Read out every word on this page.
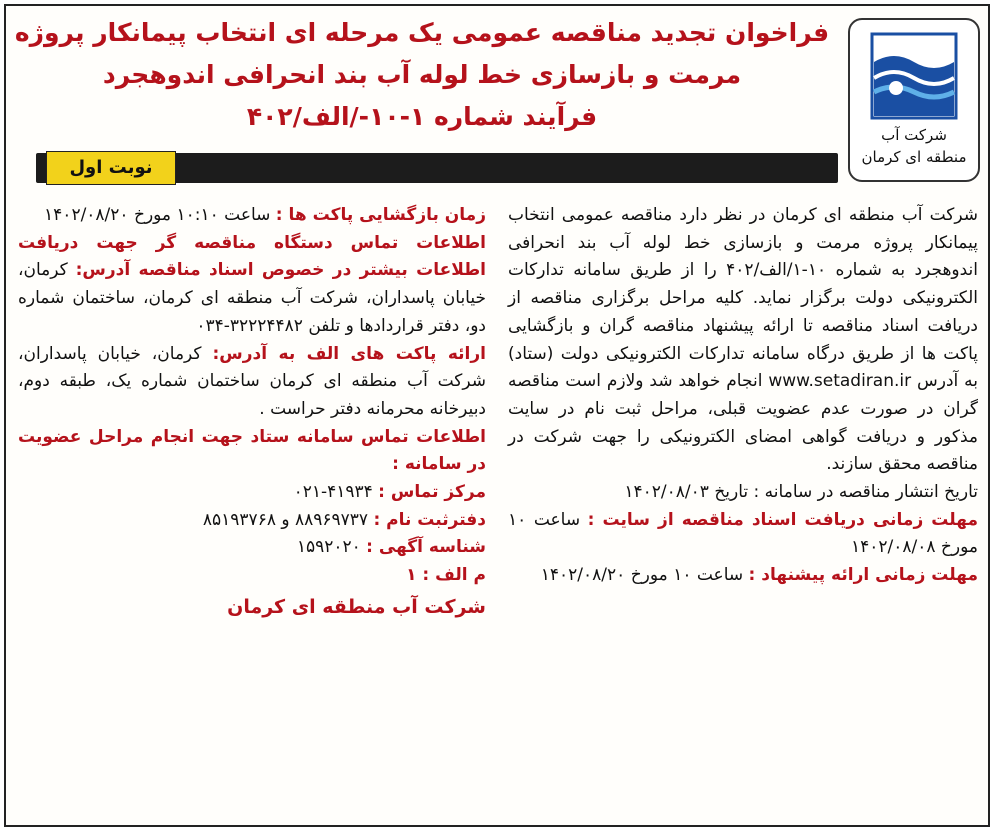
شرکت آب
منطقه ای کرمان
فراخوان تجدید مناقصه عمومی یک مرحله ای انتخاب پیمانکار پروژه
مرمت و بازسازی خط لوله آب بند انحرافی اندوهجرد
فرآیند شماره ۱-۱۰-/الف/۴۰۲
نوبت اول

شرکت آب منطقه ای کرمان در نظر دارد مناقصه عمومی انتخاب پیمانکار پروژه مرمت و بازسازی خط لوله آب بند انحرافی اندوهجرد به شماره ۱۰-۱/الف/۴۰۲ را از طریق سامانه تدارکات الکترونیکی دولت برگزار نماید. کلیه مراحل برگزاری مناقصه از دریافت اسناد مناقصه تا ارائه پیشنهاد مناقصه گران و بازگشایی پاکت ها از طریق درگاه سامانه تدارکات الکترونیکی دولت (ستاد) به آدرس www.setadiran.ir انجام خواهد شد ولازم است مناقصه گران در صورت عدم عضویت قبلی، مراحل ثبت نام در سایت مذکور و دریافت گواهی امضای الکترونیکی را جهت شرکت در مناقصه محقق سازند.

تاریخ انتشار مناقصه در سامانه : تاریخ ۱۴۰۲/۰۸/۰۳

مهلت زمانی دریافت اسناد مناقصه از سایت : ساعت ۱۰ مورخ ۱۴۰۲/۰۸/۰۸

مهلت زمانی ارائه پیشنهاد : ساعت ۱۰ مورخ ۱۴۰۲/۰۸/۲۰

زمان بازگشایی پاکت ها : ساعت ۱۰:۱۰ مورخ ۱۴۰۲/۰۸/۲۰

اطلاعات تماس دستگاه مناقصه گر جهت دریافت اطلاعات بیشتر در خصوص اسناد مناقصه آدرس: کرمان، خیابان پاسداران، شرکت آب منطقه ای کرمان، ساختمان شماره دو، دفتر قراردادها و تلفن ۳۲۲۲۴۴۸۲-۰۳۴

ارائه پاکت های الف به آدرس: کرمان، خیابان پاسداران، شرکت آب منطقه ای کرمان ساختمان شماره یک، طبقه دوم، دبیرخانه محرمانه دفتر حراست .

اطلاعات تماس سامانه ستاد جهت انجام مراحل عضویت در سامانه :

مرکز تماس : ۴۱۹۳۴-۰۲۱

دفترثبت نام : ۸۸۹۶۹۷۳۷ و ۸۵۱۹۳۷۶۸

شناسه آگهی : ۱۵۹۲۰۲۰

م الف : ۱

شرکت آب منطقه ای کرمان
